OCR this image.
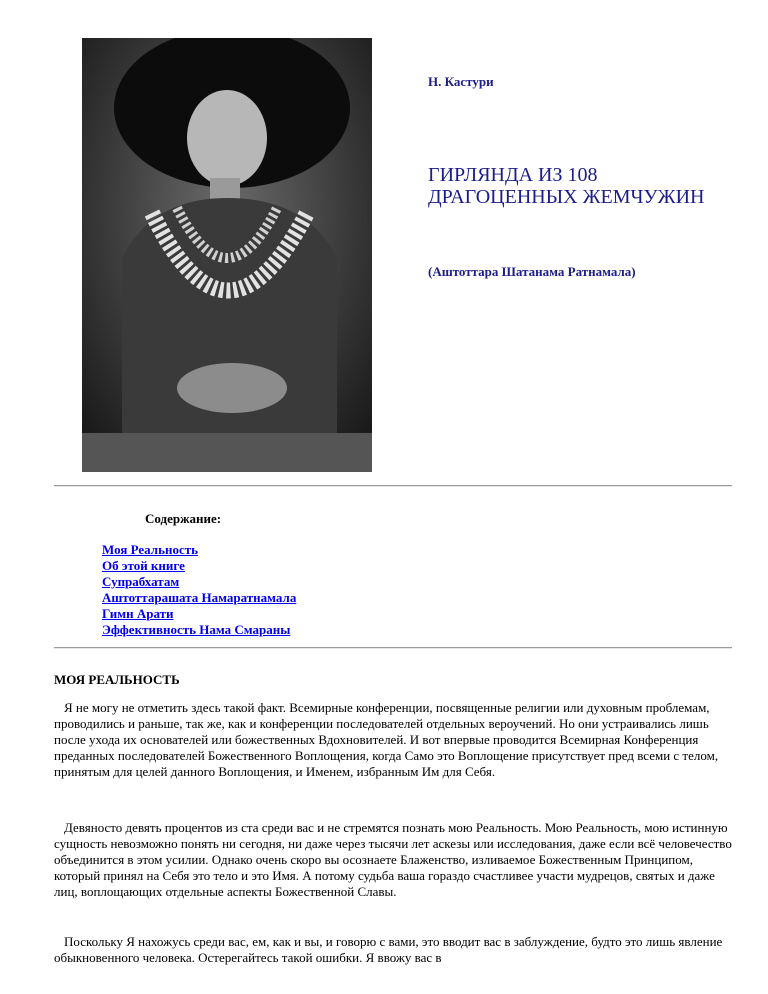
Н. Кастури
ГИРЛЯНДА ИЗ 108 ДРАГОЦЕННЫХ ЖЕМЧУЖИН
(Аштоттара Шатанама Ратнамала)
Содержание:
Моя Реальность
Об этой книге
Супрабхатам
Аштоттарашата Намаратнамала
Гимн Арати
Эффективность Нама Смараны
МОЯ РЕАЛЬНОСТЬ

Я не могу не отметить здесь такой факт. Всемирные конференции, посвященные религии или духовным проблемам, проводились и раньше, так же, как и конференции последователей отдельных вероучений. Но они устраивались лишь после ухода их основателей или божественных Вдохновителей. И вот впервые проводится Всемирная Конференция преданных последователей Божественного Воплощения, когда Само это Воплощение присутствует пред всеми с телом, принятым для целей данного Воплощения, и Именем, избранным Им для Себя.

Девяносто девять процентов из ста среди вас и не стремятся познать мою Реальность. Мою Реальность, мою истинную сущность невозможно понять ни сегодня, ни даже через тысячи лет аскезы или исследования, даже если всё человечество объединится в этом усилии. Однако очень скоро вы осознаете Блаженство, изливаемое Божественным Принципом, который принял на Себя это тело и это Имя. А потому судьба ваша гораздо счастливее участи мудрецов, святых и даже лиц, воплощающих отдельные аспекты Божественной Славы.

Поскольку Я нахожусь среди вас, ем, как и вы, и говорю с вами, это вводит вас в заблуждение, будто это лишь явление обыкновенного человека. Остерегайтесь такой ошибки. Я ввожу вас в
